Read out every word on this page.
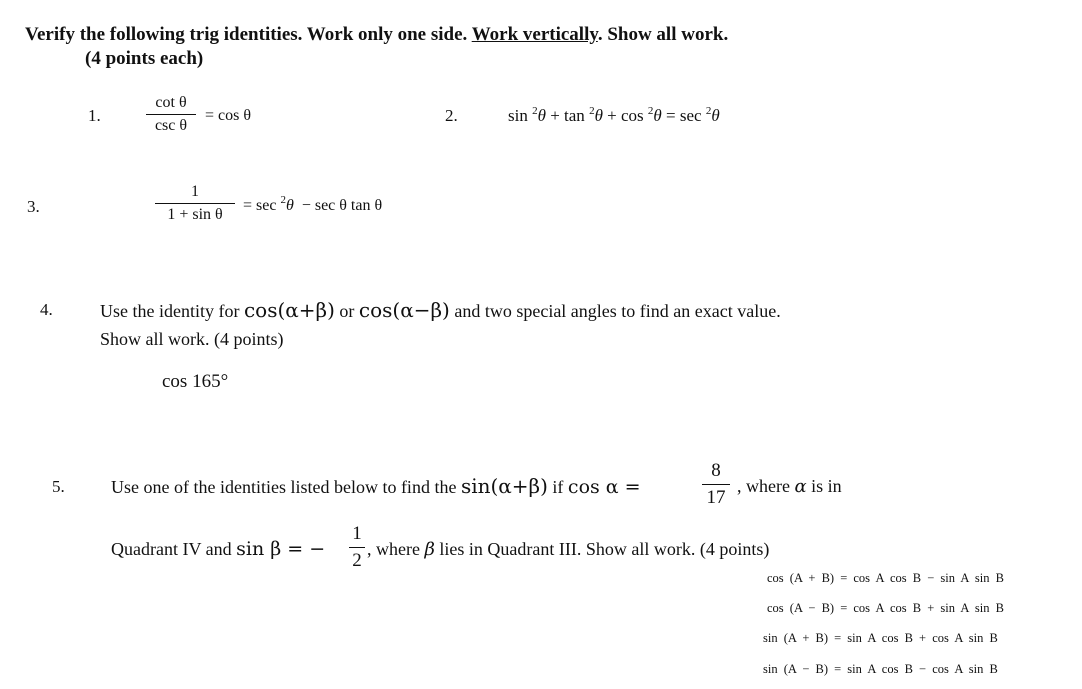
Verify the following trig identities. Work only one side. Work vertically. Show all work.
(4 points each)
1.
cot θ
csc θ
= cos θ	2.	sin $^2$θ + tan $^2$θ + cos $^2$θ = sec $^2$θ
3.
1
1 + sin θ
= sec $^2$θ − sec θ tan θ
4.	Use the identity for cos(α+β) or cos(α−β) and two special angles to find an exact value.
Show all work. (4 points)
cos 165°
5.	Use one of the identities listed below to find the sin(α+β) if cos α =
8
17
, where α is in
Quadrant IV and sin β = −
1
2
, where β lies in Quadrant III. Show all work. (4 points)
cos (A + B) = cos A cos B − sin A sin B
cos (A − B) = cos A cos B + sin A sin B
sin (A + B) = sin A cos B + cos A sin B
sin (A − B) = sin A cos B − cos A sin B
